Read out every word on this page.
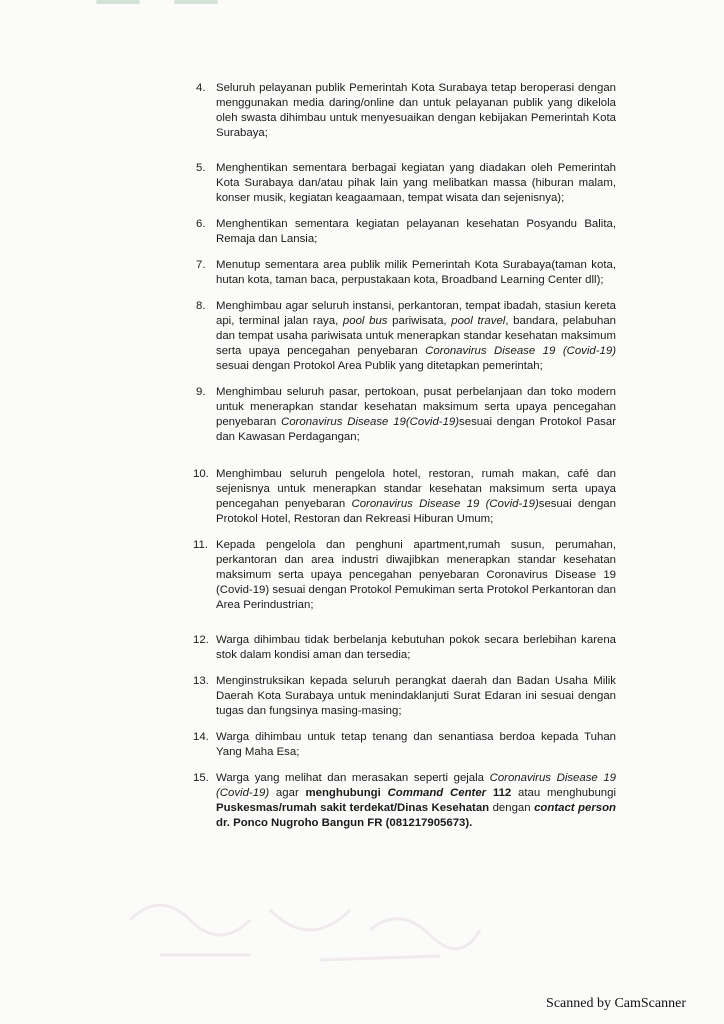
4. Seluruh pelayanan publik Pemerintah Kota Surabaya tetap beroperasi dengan menggunakan media daring/online dan untuk pelayanan publik yang dikelola oleh swasta dihimbau untuk menyesuaikan dengan kebijakan Pemerintah Kota Surabaya;
5. Menghentikan sementara berbagai kegiatan yang diadakan oleh Pemerintah Kota Surabaya dan/atau pihak lain yang melibatkan massa (hiburan malam, konser musik, kegiatan keagaamaan, tempat wisata dan sejenisnya);
6. Menghentikan sementara kegiatan pelayanan kesehatan Posyandu Balita, Remaja dan Lansia;
7. Menutup sementara area publik milik Pemerintah Kota Surabaya(taman kota, hutan kota, taman baca, perpustakaan kota, Broadband Learning Center dll);
8. Menghimbau agar seluruh instansi, perkantoran, tempat ibadah, stasiun kereta api, terminal jalan raya, pool bus pariwisata, pool travel, bandara, pelabuhan dan tempat usaha pariwisata untuk menerapkan standar kesehatan maksimum serta upaya pencegahan penyebaran Coronavirus Disease 19 (Covid-19) sesuai dengan Protokol Area Publik yang ditetapkan pemerintah;
9. Menghimbau seluruh pasar, pertokoan, pusat perbelanjaan dan toko modern untuk menerapkan standar kesehatan maksimum serta upaya pencegahan penyebaran Coronavirus Disease 19(Covid-19)sesuai dengan Protokol Pasar dan Kawasan Perdagangan;
10. Menghimbau seluruh pengelola hotel, restoran, rumah makan, café dan sejenisnya untuk menerapkan standar kesehatan maksimum serta upaya pencegahan penyebaran Coronavirus Disease 19 (Covid-19)sesuai dengan Protokol Hotel, Restoran dan Rekreasi Hiburan Umum;
11. Kepada pengelola dan penghuni apartment,rumah susun, perumahan, perkantoran dan area industri diwajibkan menerapkan standar kesehatan maksimum serta upaya pencegahan penyebaran Coronavirus Disease 19 (Covid-19) sesuai dengan Protokol Pemukiman serta Protokol Perkantoran dan Area Perindustrian;
12. Warga dihimbau tidak berbelanja kebutuhan pokok secara berlebihan karena stok dalam kondisi aman dan tersedia;
13. Menginstruksikan kepada seluruh perangkat daerah dan Badan Usaha Milik Daerah Kota Surabaya untuk menindaklanjuti Surat Edaran ini sesuai dengan tugas dan fungsinya masing-masing;
14. Warga dihimbau untuk tetap tenang dan senantiasa berdoa kepada Tuhan Yang Maha Esa;
15. Warga yang melihat dan merasakan seperti gejala Coronavirus Disease 19 (Covid-19) agar menghubungi Command Center 112 atau menghubungi Puskesmas/rumah sakit terdekat/Dinas Kesehatan dengan contact person dr. Ponco Nugroho Bangun FR (081217905673).
Scanned by CamScanner
